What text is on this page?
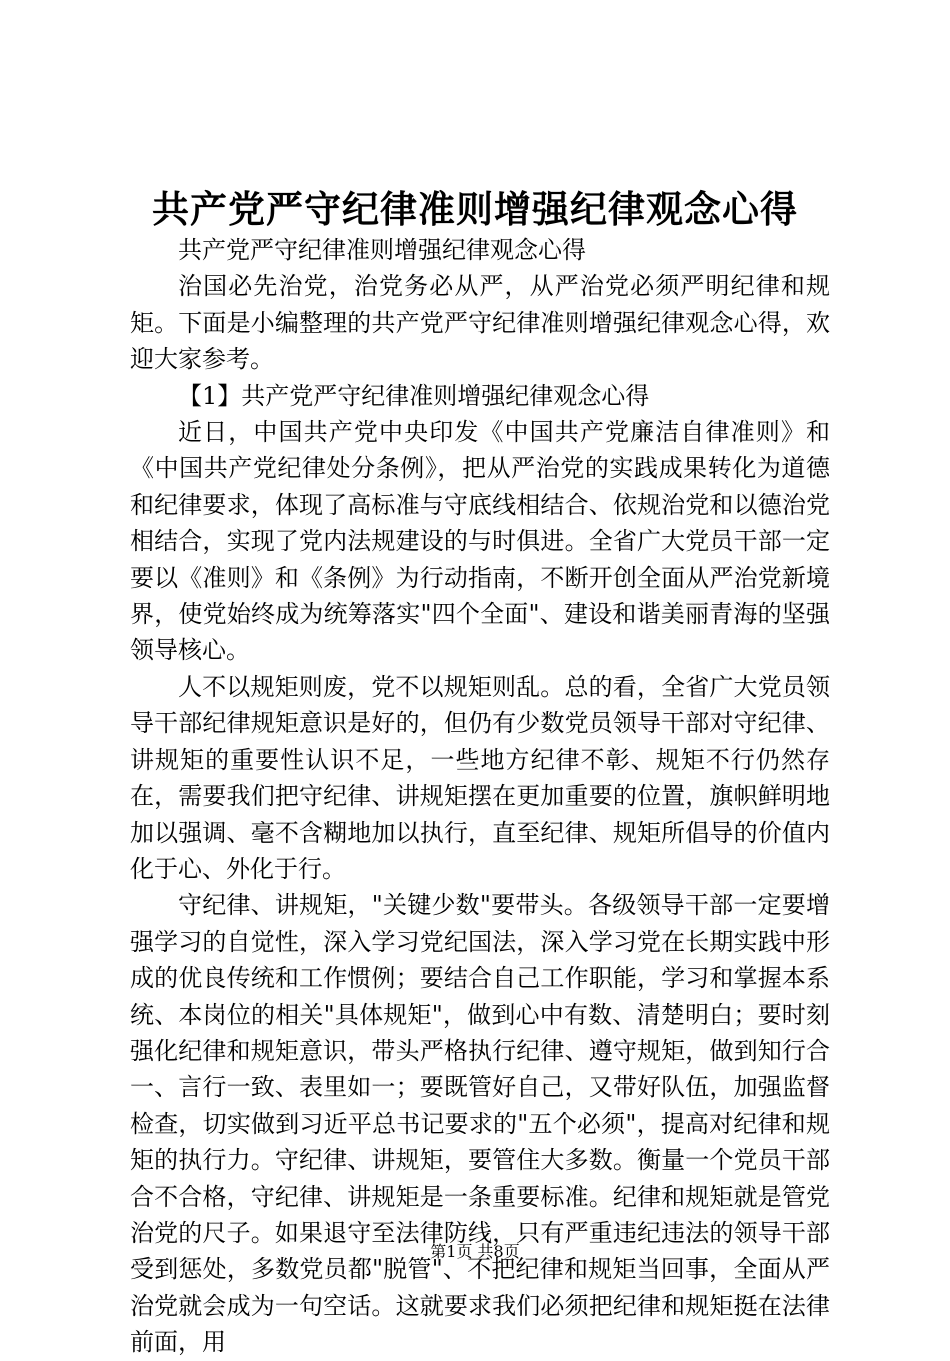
共产党严守纪律准则增强纪律观念心得

共产党严守纪律准则增强纪律观念心得

治国必先治党，治党务必从严，从严治党必须严明纪律和规矩。下面是小编整理的共产党严守纪律准则增强纪律观念心得，欢迎大家参考。

【1】共产党严守纪律准则增强纪律观念心得

近日，中国共产党中央印发《中国共产党廉洁自律准则》和《中国共产党纪律处分条例》，把从严治党的实践成果转化为道德和纪律要求，体现了高标准与守底线相结合、依规治党和以德治党相结合，实现了党内法规建设的与时俱进。全省广大党员干部一定要以《准则》和《条例》为行动指南，不断开创全面从严治党新境界，使党始终成为统筹落实"四个全面"、建设和谐美丽青海的坚强领导核心。

人不以规矩则废，党不以规矩则乱。总的看，全省广大党员领导干部纪律规矩意识是好的，但仍有少数党员领导干部对守纪律、讲规矩的重要性认识不足，一些地方纪律不彰、规矩不行仍然存在，需要我们把守纪律、讲规矩摆在更加重要的位置，旗帜鲜明地加以强调、毫不含糊地加以执行，直至纪律、规矩所倡导的价值内化于心、外化于行。

守纪律、讲规矩，"关键少数"要带头。各级领导干部一定要增强学习的自觉性，深入学习党纪国法，深入学习党在长期实践中形成的优良传统和工作惯例；要结合自己工作职能，学习和掌握本系统、本岗位的相关"具体规矩"，做到心中有数、清楚明白；要时刻强化纪律和规矩意识，带头严格执行纪律、遵守规矩，做到知行合一、言行一致、表里如一；要既管好自己，又带好队伍，加强监督检查，切实做到习近平总书记要求的"五个必须"，提高对纪律和规矩的执行力。守纪律、讲规矩，要管住大多数。衡量一个党员干部合不合格，守纪律、讲规矩是一条重要标准。纪律和规矩就是管党治党的尺子。如果退守至法律防线，只有严重违纪违法的领导干部受到惩处，多数党员都"脱管"、不把纪律和规矩当回事，全面从严治党就会成为一句空话。这就要求我们必须把纪律和规矩挺在法律前面，用

第1页 共8页
